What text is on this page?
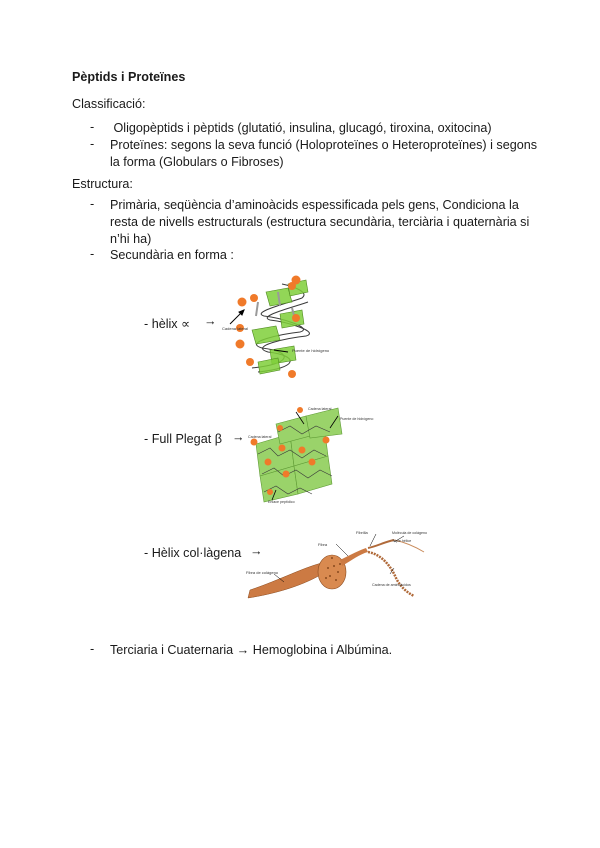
Pèptids i Proteïnes
Classificació:
- Oligopèptids i pèptids (glutatió, insulina, glucagó, tiroxina, oxitocina)
- Proteïnes: segons la seva funció (Holoproteïnes o Heteroproteïnes) i segons la forma (Globulars o Fibroses)
Estructura:
- Primària, seqüència d’aminoàcids espessificada pels gens, Condiciona la resta de nivells estructurals (estructura secundària, terciària i quaternària si n’hi ha)
- Secundària en forma :
- hèlix ∝ →
Cadena lateral
Puente de hidrógeno
- Full Plegat β →
Cadena lateral
Puente de hidrógeno
Cadena lateral
Enlace peptídico
- Hèlix col·làgena →	Fibra
Fibra de colágeno
Fibrilla	Molécula de colágeno
Triple hélice
Cadena de aminoácidos
- Terciaria i Cuaternaria → Hemoglobina i Albúmina.
